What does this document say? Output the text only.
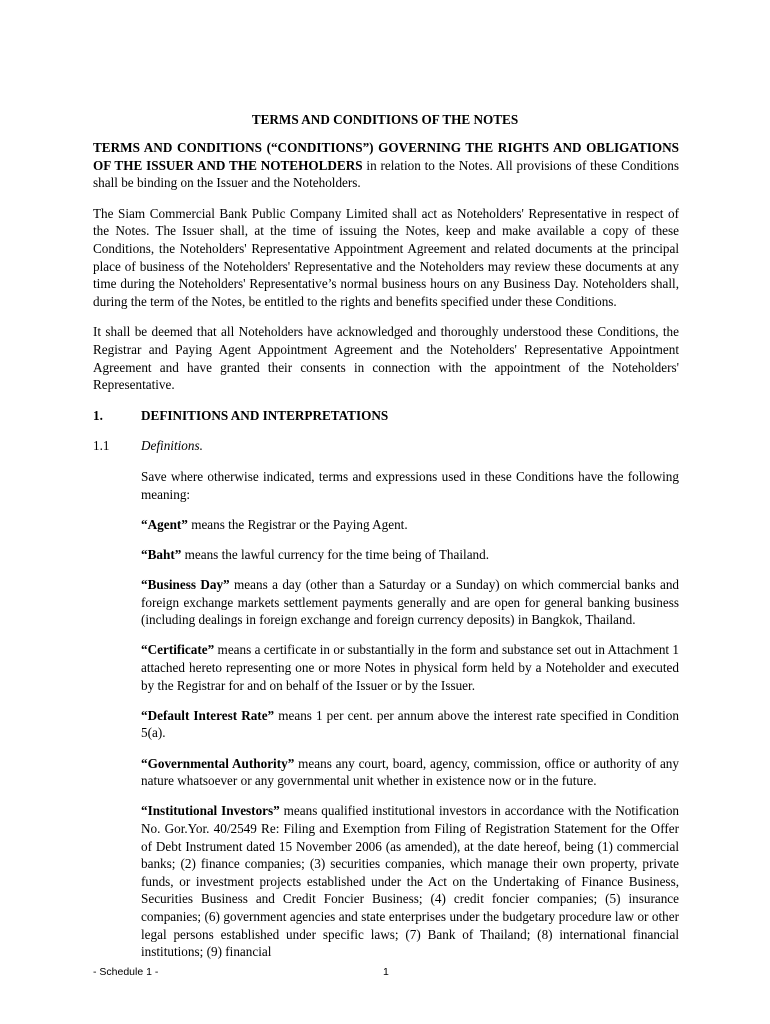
TERMS AND CONDITIONS OF THE NOTES

TERMS AND CONDITIONS (“CONDITIONS”) GOVERNING THE RIGHTS AND OBLIGATIONS OF THE ISSUER AND THE NOTEHOLDERS in relation to the Notes. All provisions of these Conditions shall be binding on the Issuer and the Noteholders.

The Siam Commercial Bank Public Company Limited shall act as Noteholders' Representative in respect of the Notes. The Issuer shall, at the time of issuing the Notes, keep and make available a copy of these Conditions, the Noteholders' Representative Appointment Agreement and related documents at the principal place of business of the Noteholders' Representative and the Noteholders may review these documents at any time during the Noteholders' Representative’s normal business hours on any Business Day. Noteholders shall, during the term of the Notes, be entitled to the rights and benefits specified under these Conditions.

It shall be deemed that all Noteholders have acknowledged and thoroughly understood these Conditions, the Registrar and Paying Agent Appointment Agreement and the Noteholders' Representative Appointment Agreement and have granted their consents in connection with the appointment of the Noteholders' Representative.

1.	DEFINITIONS AND INTERPRETATIONS
1.1	Definitions.

Save where otherwise indicated, terms and expressions used in these Conditions have the following meaning:

“Agent” means the Registrar or the Paying Agent.

“Baht” means the lawful currency for the time being of Thailand.

“Business Day” means a day (other than a Saturday or a Sunday) on which commercial banks and foreign exchange markets settlement payments generally and are open for general banking business (including dealings in foreign exchange and foreign currency deposits) in Bangkok, Thailand.

“Certificate” means a certificate in or substantially in the form and substance set out in Attachment 1 attached hereto representing one or more Notes in physical form held by a Noteholder and executed by the Registrar for and on behalf of the Issuer or by the Issuer.

“Default Interest Rate” means 1 per cent. per annum above the interest rate specified in Condition 5(a).

“Governmental Authority” means any court, board, agency, commission, office or authority of any nature whatsoever or any governmental unit whether in existence now or in the future.

“Institutional Investors” means qualified institutional investors in accordance with the Notification No. Gor.Yor. 40/2549 Re: Filing and Exemption from Filing of Registration Statement for the Offer of Debt Instrument dated 15 November 2006 (as amended), at the date hereof, being (1) commercial banks; (2) finance companies; (3) securities companies, which manage their own property, private funds, or investment projects established under the Act on the Undertaking of Finance Business, Securities Business and Credit Foncier Business; (4) credit foncier companies; (5) insurance companies; (6) government agencies and state enterprises under the budgetary procedure law or other legal persons established under specific laws; (7) Bank of Thailand; (8) international financial institutions; (9) financial

- Schedule 1 -	1
